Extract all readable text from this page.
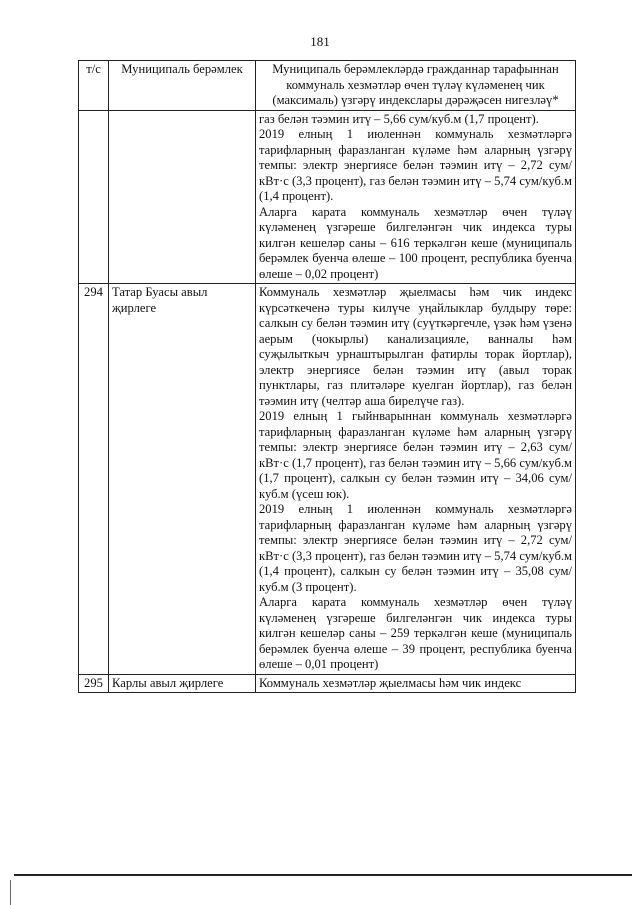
181
т/с	Муниципаль берәмлек	Муниципаль берәмлекләрдә гражданнар тарафыннан коммуналь хезмәтләр өчен түләү күләменең чик (максималь) үзгәрү индекслары дәрәҗәсен нигезләү*

		газ белән тәэмин итү – 5,66 сум/куб.м (1,7 процент).

2019 елның 1 июленнән коммуналь хезмәтләргә тарифларның фаразланган күләме һәм аларның үзгәрү темпы: электр энергиясе белән тәэмин итү – 2,72 сум/кВт·с (3,3 процент), газ белән тәэмин итү – 5,74 сум/куб.м (1,4 процент).

Аларга карата коммуналь хезмәтләр өчен түләү күләменең үзгәреше билгеләнгән чик индекса туры килгән кешеләр саны – 616 теркәлгән кеше (муниципаль берәмлек буенча өлеше – 100 процент, республика буенча өлеше – 0,02 процент)

294	Татар Буасы авыл җирлеге	Коммуналь хезмәтләр җыелмасы һәм чик индекс күрсәткеченә туры килүче уңайлыклар булдыру төре: салкын су белән тәэмин итү (суүткәргечле, үзәк һәм үзенә аерым (чокырлы) канализацияле, ванналы һәм суҗылыткыч урнаштырылган фатирлы торак йортлар), электр энергиясе белән тәэмин итү (авыл торак пунктлары, газ плитәләре куелган йортлар), газ белән тәэмин итү (челтәр аша бирелүче газ).

2019 елның 1 гыйнварыннан коммуналь хезмәтләргә тарифларның фаразланган күләме һәм аларның үзгәрү темпы: электр энергиясе белән тәэмин итү – 2,63 сум/кВт·с (1,7 процент), газ белән тәэмин итү – 5,66 сум/куб.м (1,7 процент), салкын су белән тәэмин итү – 34,06 сум/куб.м (үсеш юк).

2019 елның 1 июленнән коммуналь хезмәтләргә тарифларның фаразланган күләме һәм аларның үзгәрү темпы: электр энергиясе белән тәэмин итү – 2,72 сум/кВт·с (3,3 процент), газ белән тәэмин итү – 5,74 сум/куб.м (1,4 процент), салкын су белән тәэмин итү – 35,08 сум/куб.м (3 процент).

Аларга карата коммуналь хезмәтләр өчен түләү күләменең үзгәреше билгеләнгән чик индекса туры килгән кешеләр саны – 259 теркәлгән кеше (муниципаль берәмлек буенча өлеше – 39 процент, республика буенча өлеше – 0,01 процент)

295	Карлы авыл җирлеге	Коммуналь хезмәтләр җыелмасы һәм чик индекс
